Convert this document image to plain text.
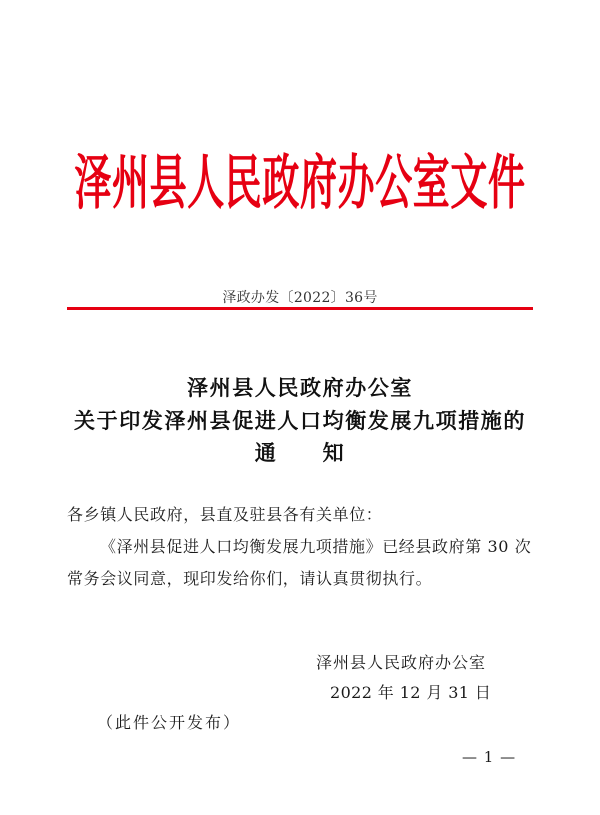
泽州县人民政府办公室文件
泽政办发〔2022〕36号
泽州县人民政府办公室
关于印发泽州县促进人口均衡发展九项措施的
通　　知
各乡镇人民政府，县直及驻县各有关单位：
《泽州县促进人口均衡发展九项措施》已经县政府第 30 次
常务会议同意，现印发给你们，请认真贯彻执行。
泽州县人民政府办公室
2022 年 12 月 31 日
（此件公开发布）
— 1 —
